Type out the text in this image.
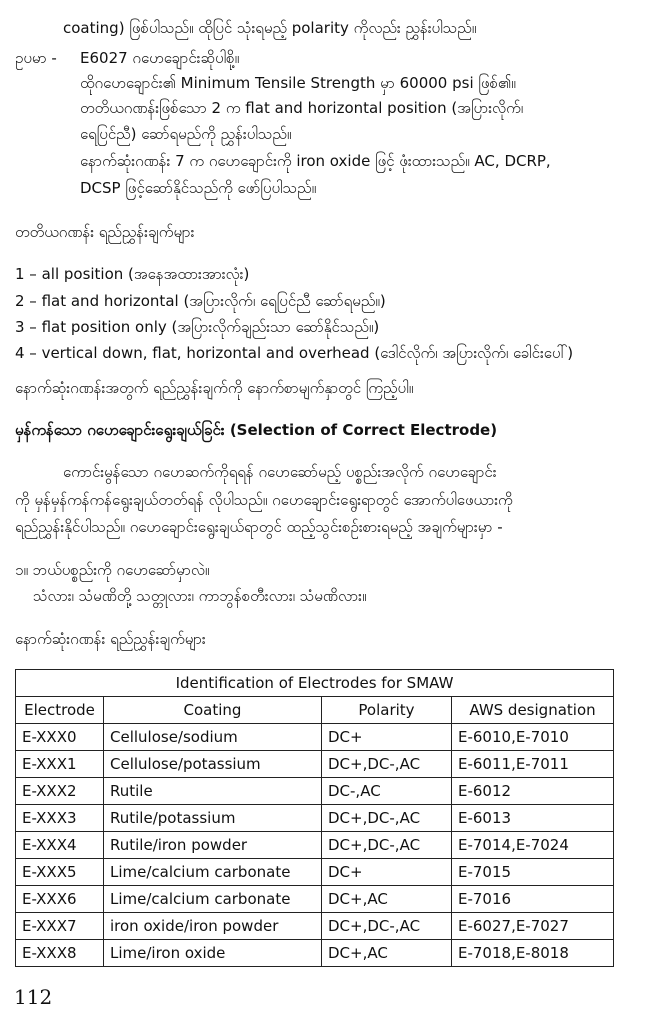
coating) ဖြစ်ပါသည်။ ထိုပြင် သုံးရမည့် polarity ကိုလည်း ညွှန်းပါသည်။
ဥပမာ - E6027 ဂဟေချောင်းဆိုပါစို့။
ထိုဂဟေချောင်း၏ Minimum Tensile Strength မှာ 60000 psi ဖြစ်၏။
တတိယဂဏန်းဖြစ်သော 2 က flat and horizontal position (အပြားလိုက်၊
ရေပြင်ညီ) ဆော်ရမည်ကို ညွှန်းပါသည်။
နောက်ဆုံးဂဏန်း 7 က ဂဟေချောင်းကို iron oxide ဖြင့် ဖုံးထားသည်။ AC, DCRP,
DCSP ဖြင့်ဆော်နိုင်သည်ကို ဖော်ပြပါသည်။
တတိယဂဏန်း ရည်ညွှန်းချက်များ
1 – all position (အနေအထားအားလုံး)
2 – flat and horizontal (အပြားလိုက်၊ ရေပြင်ညီ ဆော်ရမည်။)
3 – flat position only (အပြားလိုက်ချည်းသာ ဆော်နိုင်သည်။)
4 – vertical down, flat, horizontal and overhead (ဒေါင်လိုက်၊ အပြားလိုက်၊ ခေါင်းပေါ်)
နောက်ဆုံးဂဏန်းအတွက် ရည်ညွှန်းချက်ကို နောက်စာမျက်နှာတွင် ကြည့်ပါ။
မှန်ကန်သော ဂဟေချောင်းရွေးချယ်ခြင်း (Selection of Correct Electrode)
ကောင်းမွန်သော ဂဟေဆက်ကိုရရန် ဂဟေဆော်မည့် ပစ္စည်းအလိုက် ဂဟေချောင်း
ကို မှန်မှန်ကန်ကန်ရွေးချယ်တတ်ရန် လိုပါသည်။ ဂဟေချောင်းရွေးရာတွင် အောက်ပါဖေယားကို
ရည်ညွှန်းနိုင်ပါသည်။ ဂဟေချောင်းရွေးချယ်ရာတွင် ထည့်သွင်းစဉ်းစားရမည့် အချက်များမှာ -
၁။ ဘယ်ပစ္စည်းကို ဂဟေဆော်မှာလဲ။
သံလား၊ သံမဏိတို့ သတ္တုလား၊ ကာဘွန်စတီးလား၊ သံမဏိလား။
နောက်ဆုံးဂဏန်း ရည်ညွှန်းချက်များ
Identification of Electrodes for SMAW			
Electrode	Coating	Polarity	AWS designation
E-XXX0	Cellulose/sodium	DC+	E-6010,E-7010
E-XXX1	Cellulose/potassium	DC+,DC-,AC	E-6011,E-7011
E-XXX2	Rutile	DC-,AC	E-6012
E-XXX3	Rutile/potassium	DC+,DC-,AC	E-6013
E-XXX4	Rutile/iron powder	DC+,DC-,AC	E-7014,E-7024
E-XXX5	Lime/calcium carbonate	DC+	E-7015
E-XXX6	Lime/calcium carbonate	DC+,AC	E-7016
E-XXX7	iron oxide/iron powder	DC+,DC-,AC	E-6027,E-7027
E-XXX8	Lime/iron oxide	DC+,AC	E-7018,E-8018
112
